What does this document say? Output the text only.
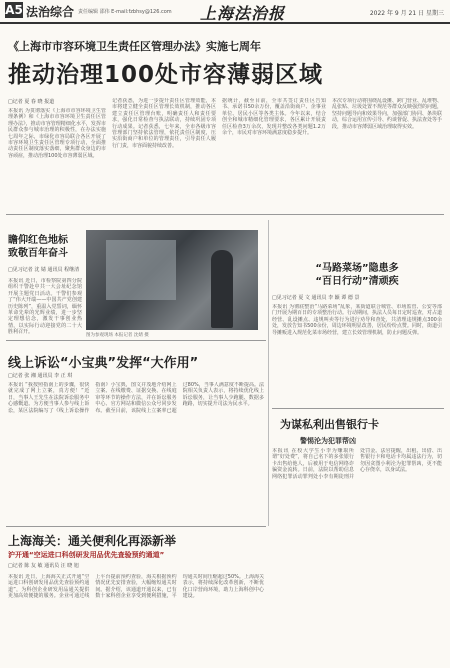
A5 法治综合 责任编辑 邵伟 E-mail:fzbhsy@126.com 上海法治报	2022 年 9 月 21 日 星期三
《上海市市容环境卫生责任区管理办法》实施七周年
推动治理100处市容薄弱区域
□记者 夏 春 晓 报道
本报讯 为贯彻落实《上海市市容环境卫生管理条例》和《上海市市容环境卫生责任区管理办法》，推动市容管理精细化水平，发挥市民群众参与城市治理的积极性，在办法实施七周年之际，市绿化市容局联合各区开展了市容环境卫生责任区管理专项行动，全面推动责任区制度落实落细，聚焦群众身边的市容顽症，推动治理100处市容薄弱区域。
记者获悉，为进一步提升责任区管理效能，本市将建立健全责任区管理长效机制，推动各区建立责任区管理台账，明确责任人和责任要求，强化日常检查与执法联动，持续巩固专项行动成果。记者获悉，七年来，全市各级市容管理部门坚持依法管理，依托责任区制度，压实沿街商户和单位的管理责任，引导责任人履行门责，市容面貌持续改善。
据统计，截至目前，全市共签订责任区告知书、承诺书50余万份，覆盖沿街商户、企事业单位、居民小区等各类主体。今年以来，结合创全和城市精细化管理要求，各区累计开展责任区检查3万余次，发现并整改各类问题1.2万余个，市民对市容环境满意度稳步提升。
本次专项行动将围绕乱设摊、跨门营业、乱堆物、乱张贴、垃圾处置不规范等群众反映强烈的问题，坚持问题导向和效果导向，加强部门协同、条块联动，综合运用宣传引导、约谈督促、执法查处等手段，推动市容薄弱区域治理取得实效。
瞻仰红色地标
致敬百年奋斗
□见习记者 沈 婧 通讯员 程继清
本报讯 近日，市检察院第四分院组织干警赴中共一大会址纪念馆开展主题党日活动。干警们参观了“伟大开端——中国共产党创建历史陈列”，重温入党誓词，缅怀革命先辈的光辉业绩，进一步坚定理想信念，激发干事创业热情，以实际行动迎接党的二十大胜利召开。
图为参观现场 本报记者 沈婧 摄
“马路菜场”隐患多
“百日行动”清顽疾
□见习记者 夏 文 通讯员 李 颖 谭 德 景
本报讯 为彻底整治“马路菜场”乱象，某街道联合城管、市场监管、公安等部门开展为期百日的专项整治行动。行动期间，执法人员每日定时巡查，对占道经营、乱设摊点、违规叫卖等行为进行劝导和查处，共清理违规摊点300余处，发放告知书500余份，周边环境明显改善，居民纷纷点赞。同时，街道引导摊贩进入规范化菜市场经营，建立长效管理机制，防止问题反弹。
线上诉讼“小宝典”发挥“大作用”
□记者 张 湘 通讯员 李 正 琪
本报讯 “我按照指南上的步骤，很快就完成了网上立案，真方便！”近日，当事人王先生在法院诉讼服务中心感慨道。为方便当事人参与线上诉讼，某区法院编写了《线上诉讼操作指南》小宝典，图文并茂地介绍网上立案、在线缴费、证据交换、在线庭审等环节的操作方法，并在诉讼服务中心、官方网站和微信公众号同步发布。截至目前，该院线上立案率已超过80%，当事人满意度不断提高。法院相关负责人表示，将持续优化线上诉讼服务，让当事人少跑腿、数据多跑路，切实提升司法为民水平。
为谋私利出售银行卡
警惕沦为犯罪帮凶
本报讯 在校大学生小李为赚取所谓“好处费”，将自己名下的多张银行卡出售给他人，后被用于电信网络诈骗资金流转。日前，法院以帮助信息网络犯罪活动罪判处小李有期徒刑并处罚金。法官提醒，出租、出借、出售银行卡和电话卡均属违法行为，切勿因贪图小利沦为犯罪帮凶，更不能心存侥幸，以身试法。
上海海关：通关便利化再添新举
沪开通“空运进口科创研发用品优先查验预约通道”
□记者 陈 友 敏 通讯员 汪 晓 旭
本报讯 近日，上海海关正式开通“空运进口科创研发用品优先查验预约通道”，为科创企业研发用品通关提供更加高效便捷的服务。企业可通过线上平台提前预约查验，海关根据预约情况优先安排查验，大幅缩短通关时间。据介绍，该通道开通以来，已有数十家科创企业享受到便利措施，平均通关时间压缩超过50%。上海海关表示，将持续深化改革创新，不断优化口岸营商环境，助力上海科创中心建设。
